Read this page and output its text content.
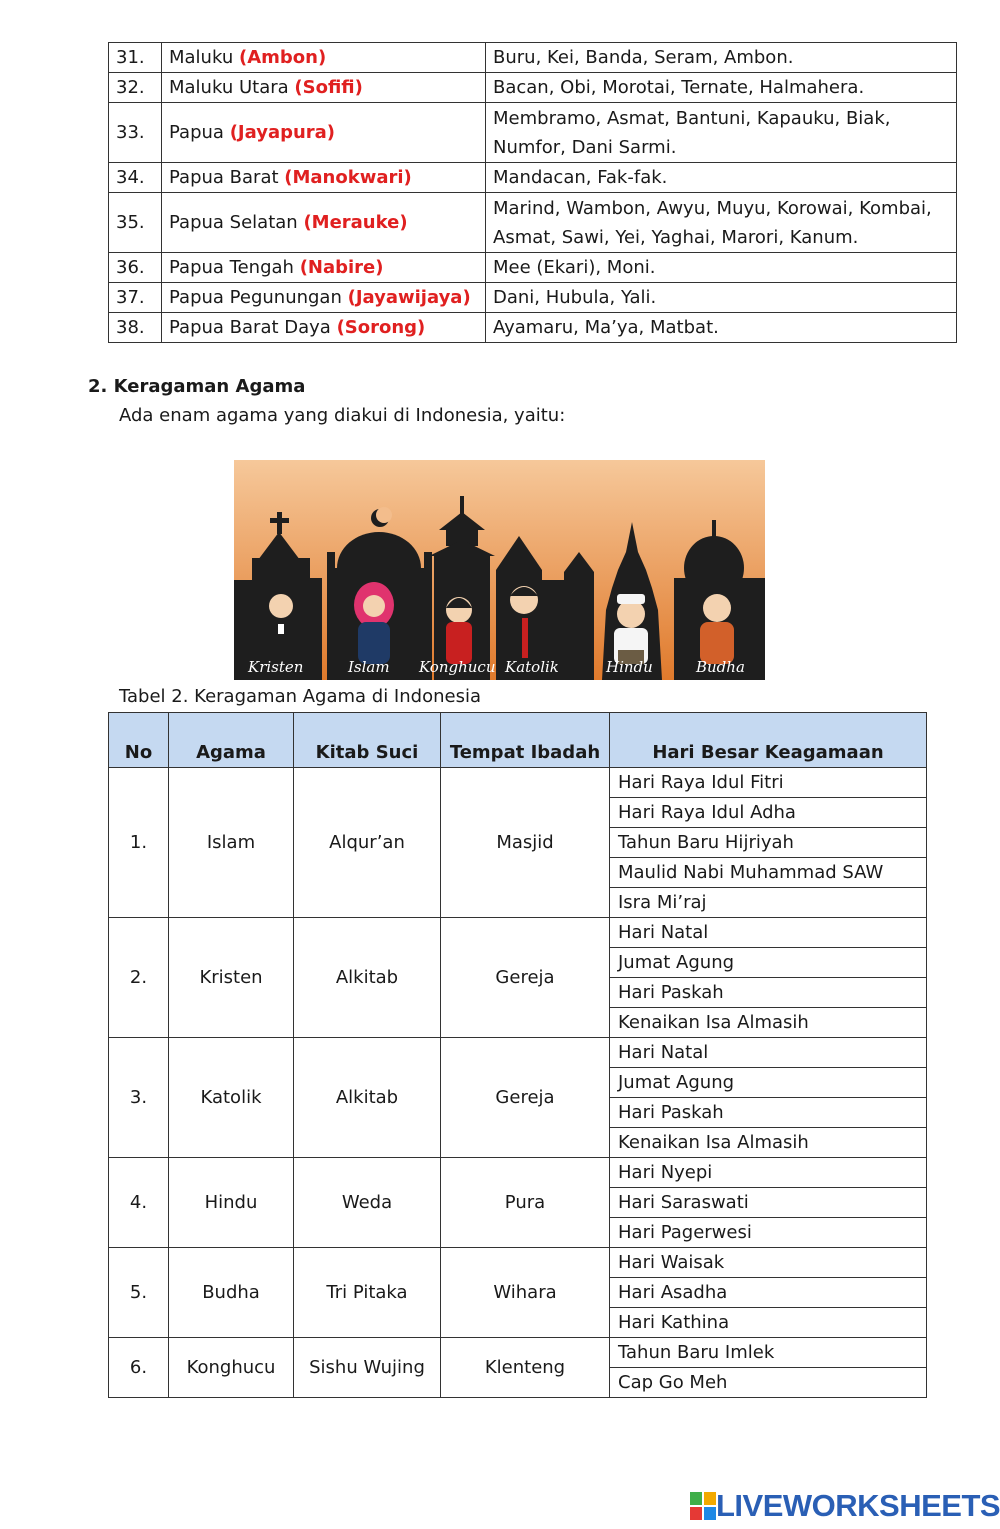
31.	Maluku (Ambon)	Buru, Kei, Banda, Seram, Ambon.

32.	Maluku Utara (Sofifi)	Bacan, Obi, Morotai, Ternate, Halmahera.

33.	Papua (Jayapura)	Membramo, Asmat, Bantuni, Kapauku, Biak,
Numfor, Dani Sarmi.

34.	Papua Barat (Manokwari)	Mandacan, Fak-fak.

35.	Papua Selatan (Merauke)	Marind, Wambon, Awyu, Muyu, Korowai, Kombai,
Asmat, Sawi, Yei, Yaghai, Marori, Kanum.

36.	Papua Tengah (Nabire)	Mee (Ekari), Moni.

37.	Papua Pegunungan (Jayawijaya)	Dani, Hubula, Yali.

38.	Papua Barat Daya (Sorong)	Ayamaru, Ma’ya, Matbat.
2. Keragaman Agama
Ada enam agama yang diakui di Indonesia, yaitu:
Kristen	Islam Konghucu Katolik	Hindu	Budha
Tabel 2. Keragaman Agama di Indonesia
No	Agama	Kitab Suci	Tempat Ibadah	Hari Besar Keagamaan
1.	Islam	Alqur’an	Masjid	Hari Raya Idul Fitri
				Hari Raya Idul Adha
				Tahun Baru Hijriyah
				Maulid Nabi Muhammad SAW
				Isra Mi’raj
2.	Kristen	Alkitab	Gereja	Hari Natal
				Jumat Agung
				Hari Paskah
				Kenaikan Isa Almasih
3.	Katolik	Alkitab	Gereja	Hari Natal
				Jumat Agung
				Hari Paskah
				Kenaikan Isa Almasih
4.	Hindu	Weda	Pura	Hari Nyepi
				Hari Saraswati
				Hari Pagerwesi
5.	Budha	Tri Pitaka	Wihara	Hari Waisak
				Hari Asadha
				Hari Kathina
6.	Konghucu	Sishu Wujing	Klenteng	Tahun Baru Imlek
				Cap Go Meh
LIVEWORKSHEETS
